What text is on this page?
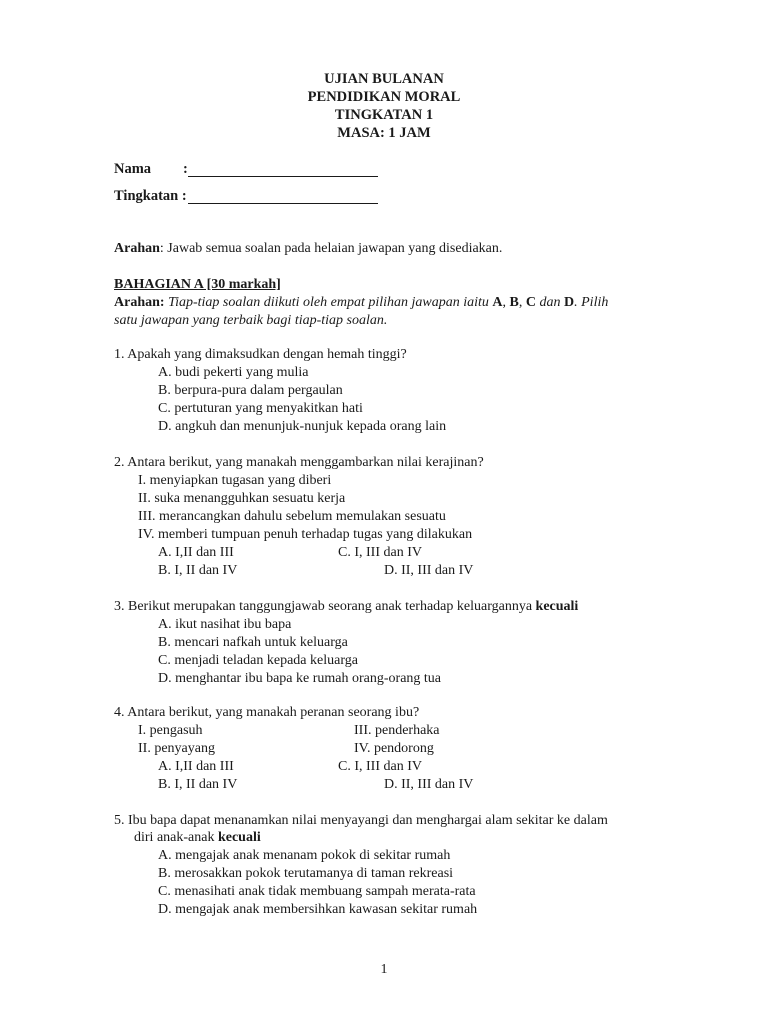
UJIAN BULANAN
PENDIDIKAN MORAL
TINGKATAN 1
MASA: 1 JAM
Nama :
Tingkatan :
Arahan: Jawab semua soalan pada helaian jawapan yang disediakan.
BAHAGIAN A [30 markah]
Arahan: Tiap-tiap soalan diikuti oleh empat pilihan jawapan iaitu A, B, C dan D. Pilih
satu jawapan yang terbaik bagi tiap-tiap soalan.
1. Apakah yang dimaksudkan dengan hemah tinggi?
A. budi pekerti yang mulia
B. berpura-pura dalam pergaulan
C. pertuturan yang menyakitkan hati
D. angkuh dan menunjuk-nunjuk kepada orang lain
2. Antara berikut, yang manakah menggambarkan nilai kerajinan?
I. menyiapkan tugasan yang diberi
II. suka menangguhkan sesuatu kerja
III. merancangkan dahulu sebelum memulakan sesuatu
IV. memberi tumpuan penuh terhadap tugas yang dilakukan
A. I,II dan III	C. I, III dan IV
B. I, II dan IV	D. II, III dan IV
3. Berikut merupakan tanggungjawab seorang anak terhadap keluargannya kecuali
A. ikut nasihat ibu bapa
B. mencari nafkah untuk keluarga
C. menjadi teladan kepada keluarga
D. menghantar ibu bapa ke rumah orang-orang tua
4. Antara berikut, yang manakah peranan seorang ibu?
I. pengasuh	III. penderhaka
II. penyayang	IV. pendorong
A. I,II dan III	C. I, III dan IV
B. I, II dan IV	D. II, III dan IV
5. Ibu bapa dapat menanamkan nilai menyayangi dan menghargai alam sekitar ke dalam
diri anak-anak kecuali
A. mengajak anak menanam pokok di sekitar rumah
B. merosakkan pokok terutamanya di taman rekreasi
C. menasihati anak tidak membuang sampah merata-rata
D. mengajak anak membersihkan kawasan sekitar rumah
1
